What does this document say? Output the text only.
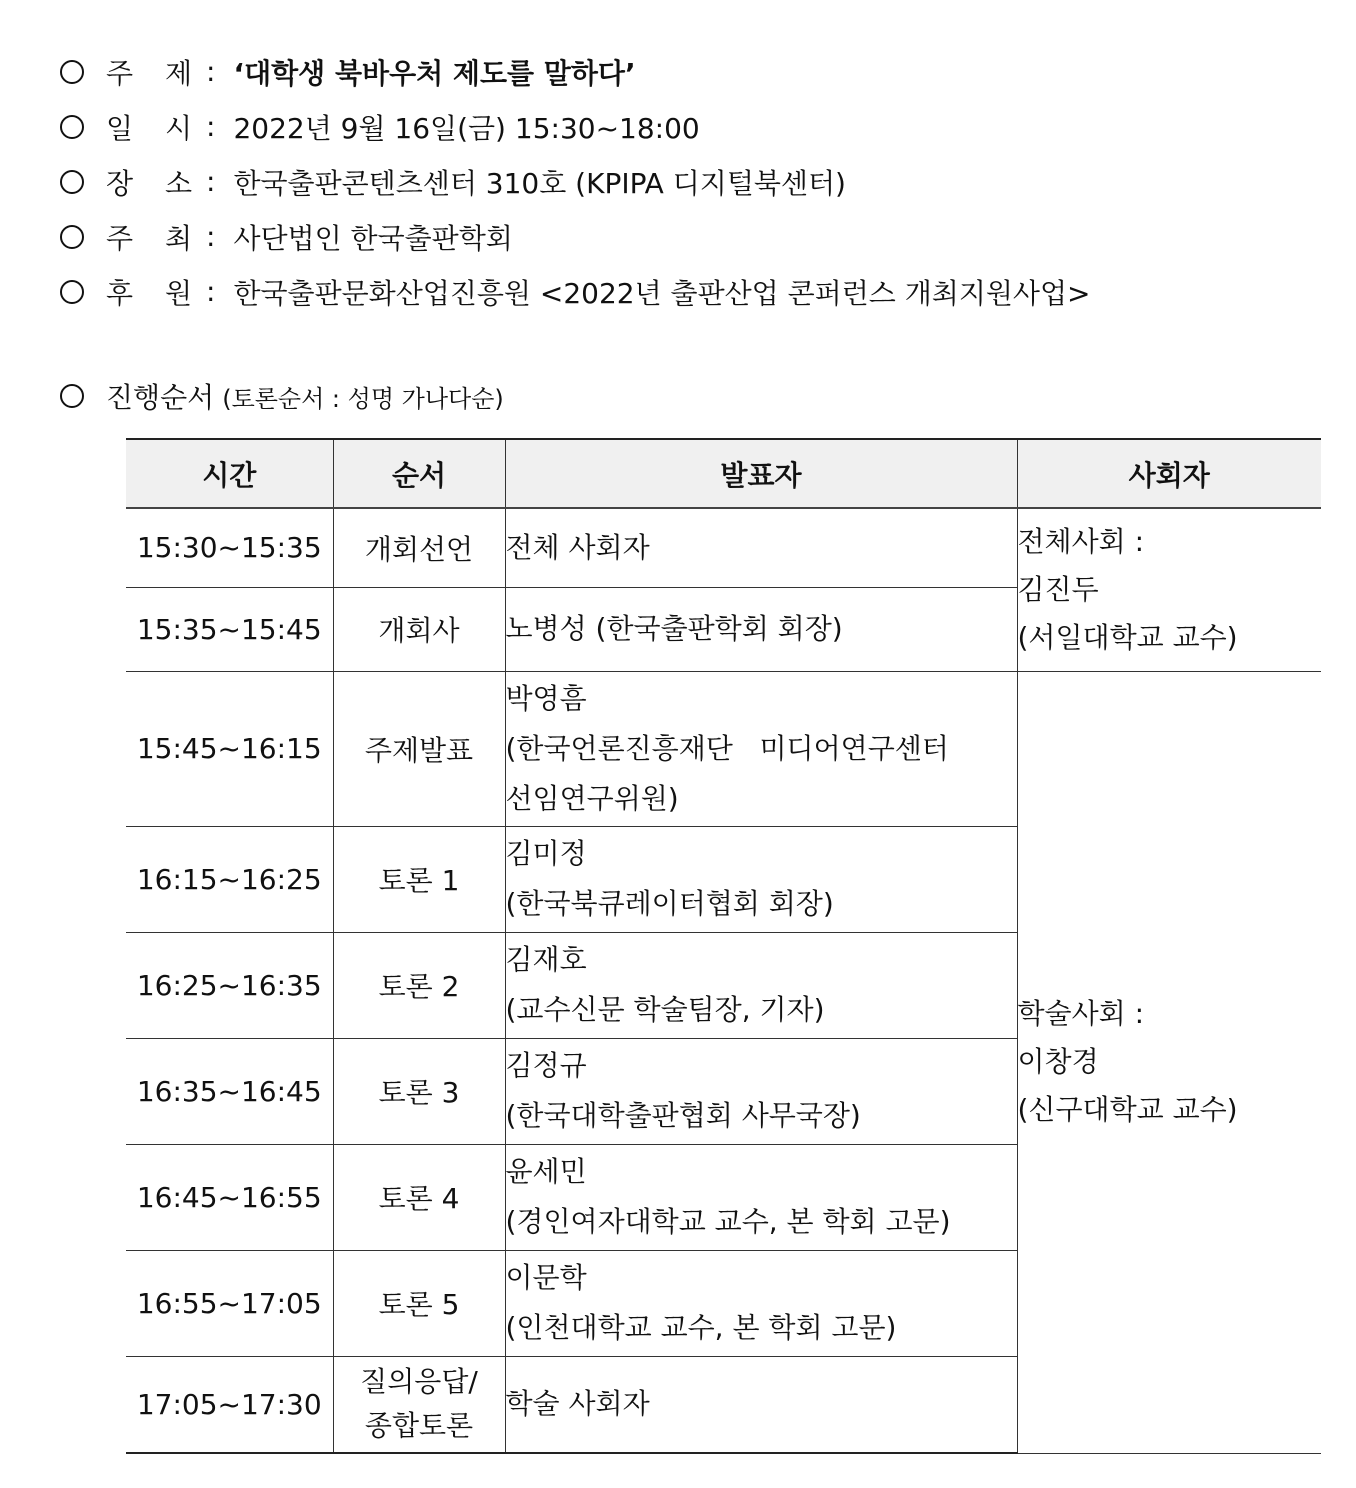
주 제 : ‘대학생 북바우처 제도를 말하다’
일 시 : 2022년 9월 16일(금) 15:30~18:00
장 소 : 한국출판콘텐츠센터 310호 (KPIPA 디지털북센터)
주 최 : 사단법인 한국출판학회
후 원 : 한국출판문화산업진흥원 <2022년 출판산업 콘퍼런스 개최지원사업>
진행순서 (토론순서 : 성명 가나다순)
시간	순서	발표자	사회자
15:30~15:35	개회선언	전체 사회자	전체사회 :
김진두
(서일대학교 교수)

15:35~15:45	개회사	노병성 (한국출판학회 회장)	

15:45~16:15	주제발표	박영흠
(한국언론진흥재단   미디어연구센터
선임연구위원)	학술사회 :
이창경
(신구대학교 교수)

16:15~16:25	토론 1	김미정
(한국북큐레이터협회 회장)	

16:25~16:35	토론 2	김재호
(교수신문 학술팀장, 기자)	

16:35~16:45	토론 3	김정규
(한국대학출판협회 사무국장)	

16:45~16:55	토론 4	윤세민
(경인여자대학교 교수, 본 학회 고문)	

16:55~17:05	토론 5	이문학
(인천대학교 교수, 본 학회 고문)	

17:05~17:30	질의응답/
종합토론	학술 사회자	
